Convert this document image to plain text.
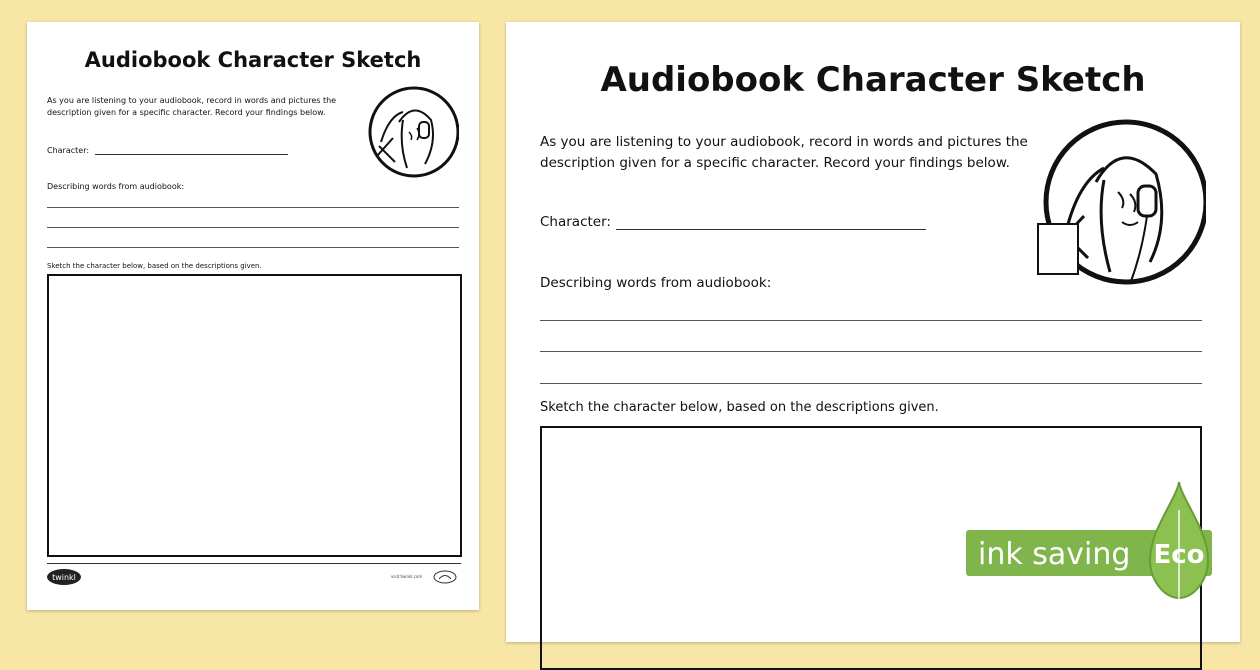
Audiobook Character Sketch
As you are listening to your audiobook, record in words and pictures the description given for a specific character. Record your findings below.
Character:
Describing words from audiobook:
Sketch the character below, based on the descriptions given.
twinkl	visit twinkl.com
Audiobook Character Sketch
As you are listening to your audiobook, record in words and pictures the description given for a specific character. Record your findings below.
Character:
Describing words from audiobook:
Sketch the character below, based on the descriptions given.
ink saving Eco
